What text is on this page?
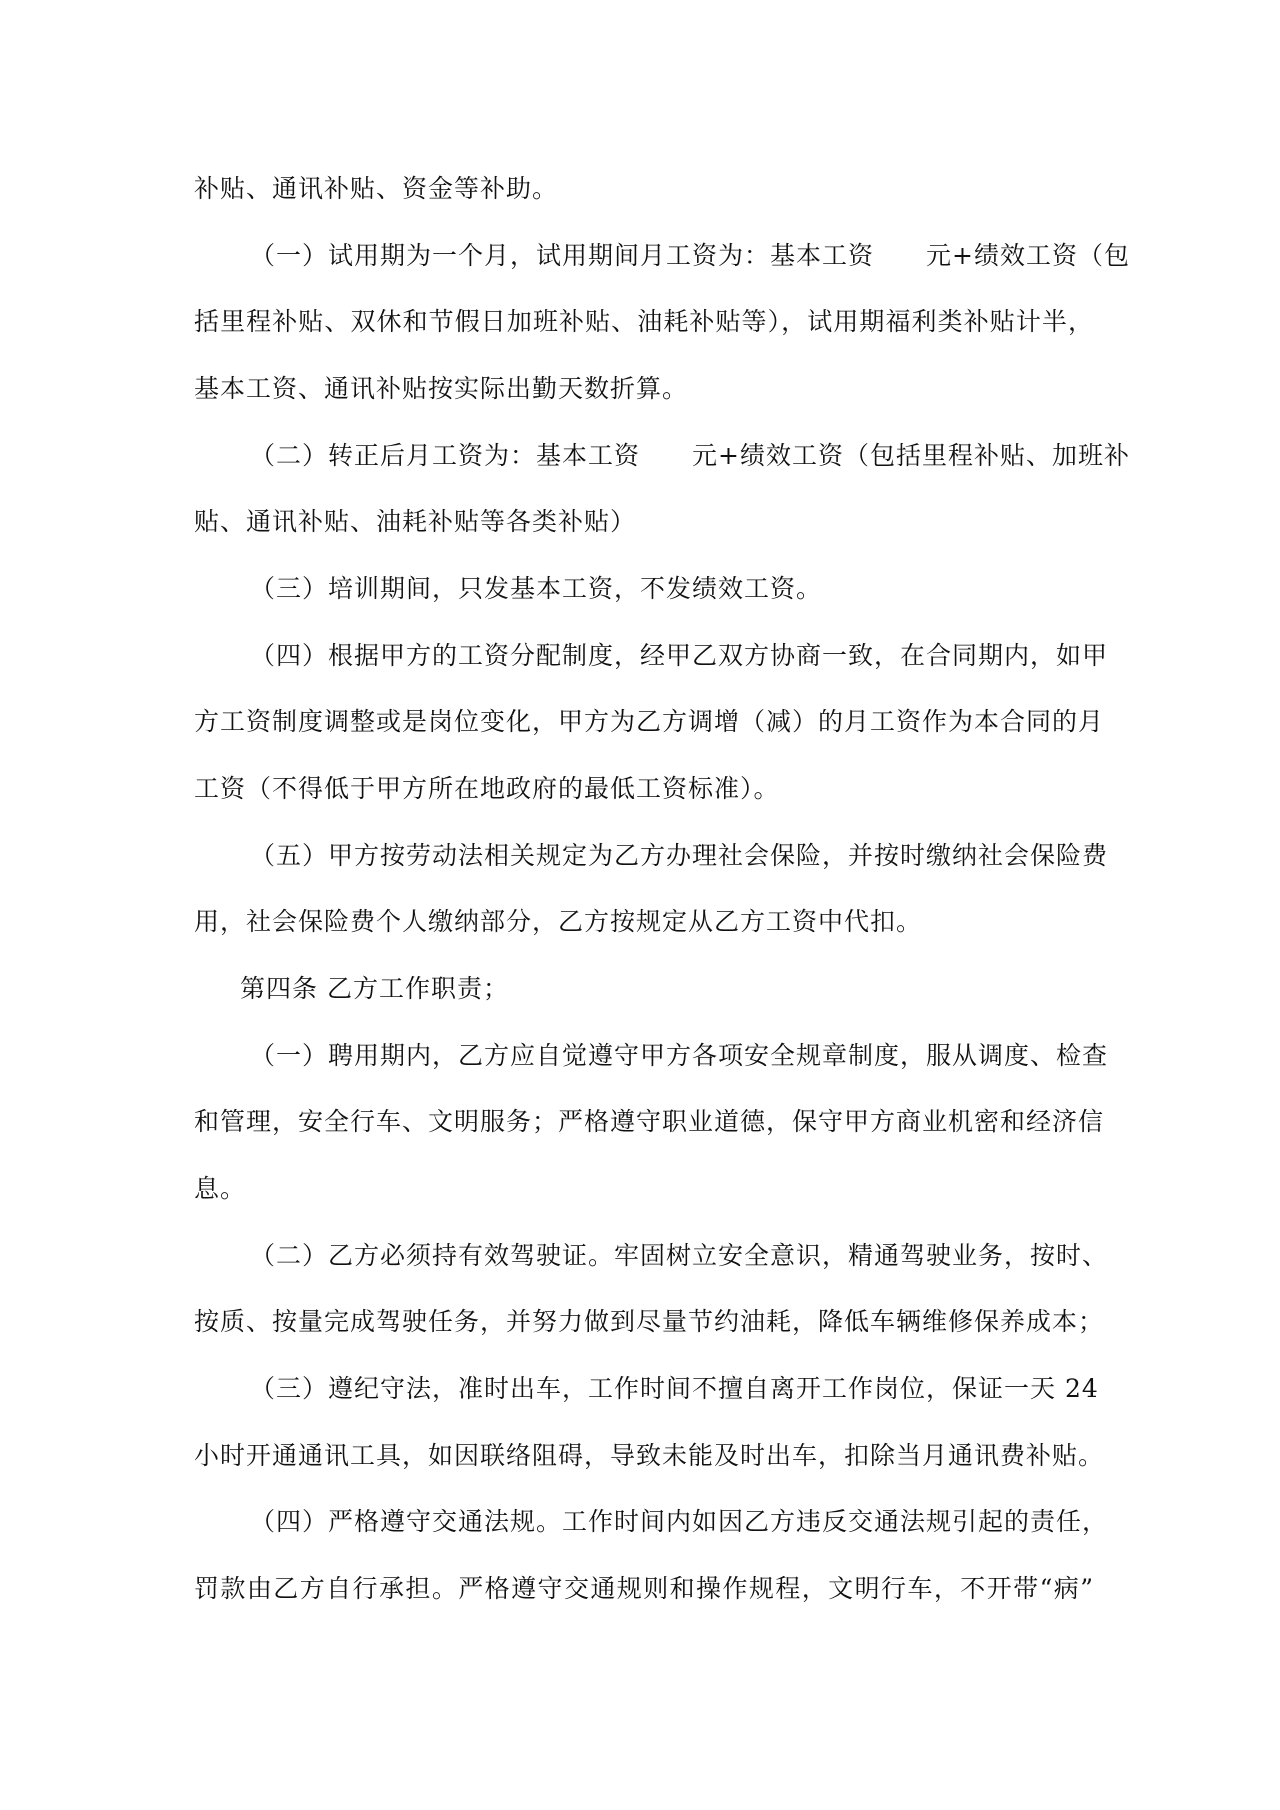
补贴、通讯补贴、资金等补助。
（一）试用期为一个月，试用期间月工资为：基本工资　　元+绩效工资（包
括里程补贴、双休和节假日加班补贴、油耗补贴等），试用期福利类补贴计半，
基本工资、通讯补贴按实际出勤天数折算。
（二）转正后月工资为：基本工资　　元+绩效工资（包括里程补贴、加班补
贴、通讯补贴、油耗补贴等各类补贴）
（三）培训期间，只发基本工资，不发绩效工资。
（四）根据甲方的工资分配制度，经甲乙双方协商一致，在合同期内，如甲
方工资制度调整或是岗位变化，甲方为乙方调增（减）的月工资作为本合同的月
工资（不得低于甲方所在地政府的最低工资标准）。
（五）甲方按劳动法相关规定为乙方办理社会保险，并按时缴纳社会保险费
用，社会保险费个人缴纳部分，乙方按规定从乙方工资中代扣。
第四条 乙方工作职责；
（一）聘用期内，乙方应自觉遵守甲方各项安全规章制度，服从调度、检查
和管理，安全行车、文明服务；严格遵守职业道德，保守甲方商业机密和经济信
息。
（二）乙方必须持有效驾驶证。牢固树立安全意识，精通驾驶业务，按时、
按质、按量完成驾驶任务，并努力做到尽量节约油耗，降低车辆维修保养成本；
（三）遵纪守法，准时出车，工作时间不擅自离开工作岗位，保证一天 24
小时开通通讯工具，如因联络阻碍，导致未能及时出车，扣除当月通讯费补贴。
（四）严格遵守交通法规。工作时间内如因乙方违反交通法规引起的责任，
罚款由乙方自行承担。严格遵守交通规则和操作规程，文明行车，不开带“病”
